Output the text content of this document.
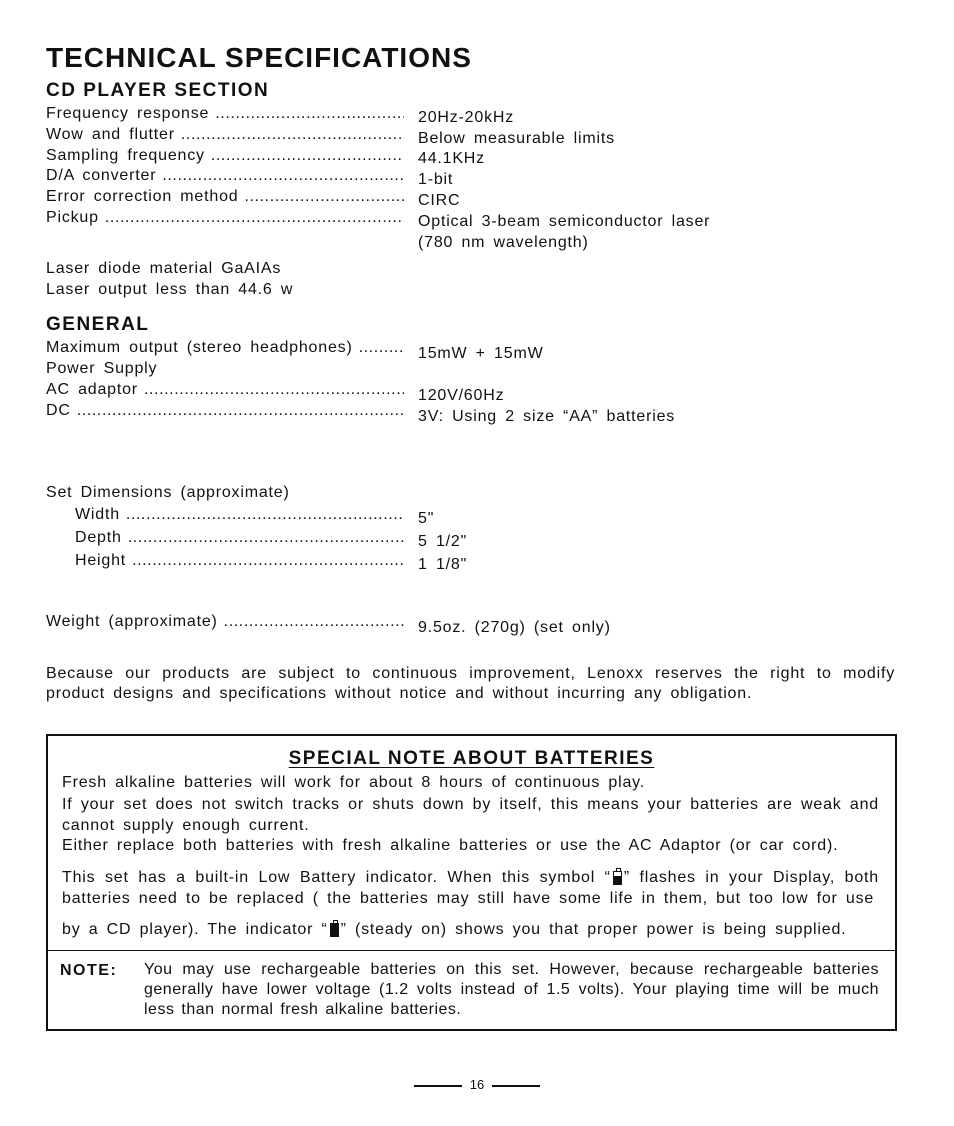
TECHNICAL SPECIFICATIONS
CD PLAYER SECTION
Frequency response .....	20Hz-20kHz
Wow and flutter .....	Below measurable limits
Sampling frequency .....	44.1KHz
D/A converter .....	1-bit
Error correction method .....	CIRC
Pickup .....	Optical 3-beam semiconductor laser
(780 nm wavelength)
Laser diode material GaAIAs
Laser output less than 44.6 w
GENERAL
Maximum output (stereo headphones) .....	15mW + 15mW
Power Supply
AC adaptor .....	120V/60Hz
DC .....	3V: Using 2 size “AA” batteries
Set Dimensions (approximate)
Width .....	5"
Depth .....	5 1/2"
Height .....	1 1/8"
Weight (approximate) .....	9.5oz. (270g) (set only)
Because our products are subject to continuous improvement, Lenoxx reserves the right to modify product designs and specifications without notice and without incurring any obligation.
SPECIAL NOTE ABOUT BATTERIES
Fresh alkaline batteries will work for about 8 hours of continuous play.
If your set does not switch tracks or shuts down by itself, this means your batteries are weak and cannot supply enough current.
Either replace both batteries with fresh alkaline batteries or use the AC Adaptor (or car cord).
This set has a built-in Low Battery indicator. When this symbol “ ” flashes in your Display, both batteries need to be replaced ( the batteries may still have some life in them, but too low for use
by a CD player). The indicator “ ” (steady on) shows you that proper power is being supplied.
NOTE: You may use rechargeable batteries on this set. However, because rechargeable batteries generally have lower voltage (1.2 volts instead of 1.5 volts). Your playing time will be much less than normal fresh alkaline batteries.
16
